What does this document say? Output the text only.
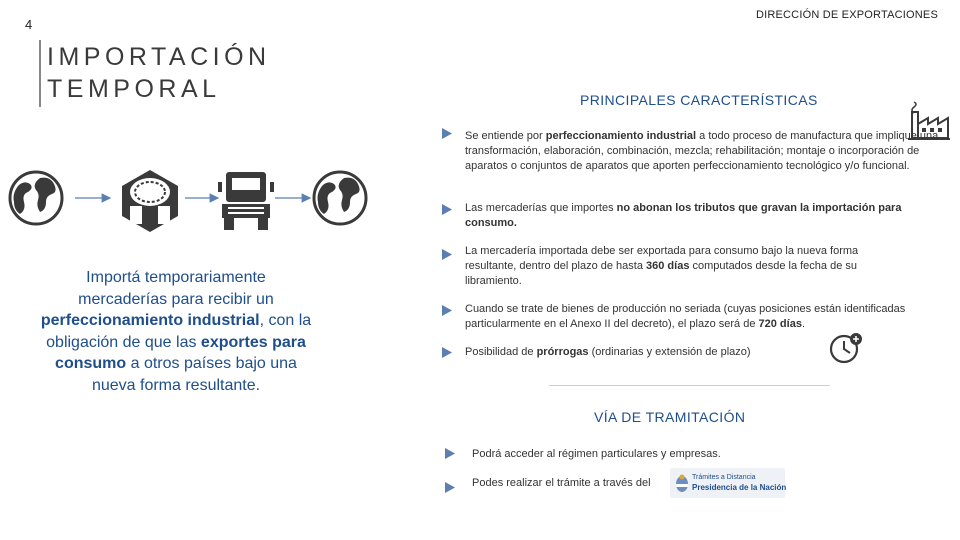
4
DIRECCIÓN DE EXPORTACIONES
IMPORTACIÓN
TEMPORAL
Importá temporariamente mercaderías para recibir un perfeccionamiento industrial, con la obligación de que las exportes para consumo a otros países bajo una nueva forma resultante.
PRINCIPALES CARACTERÍSTICAS
Se entiende por perfeccionamiento industrial a todo proceso de manufactura que implique una transformación, elaboración, combinación, mezcla; rehabilitación; montaje o incorporación de aparatos o conjuntos de aparatos que aporten perfeccionamiento tecnológico y/o funcional.
Las mercaderías que importes no abonan los tributos que gravan la importación para consumo.
La mercadería importada debe ser exportada para consumo bajo la nueva forma resultante, dentro del plazo de hasta 360 días computados desde la fecha de su libramiento.
Cuando se trate de bienes de producción no seriada (cuyas posiciones están identificadas particularmente en el Anexo II del decreto), el plazo será de 720 días.
Posibilidad de prórrogas (ordinarias y extensión de plazo)
VÍA DE TRAMITACIÓN
Podrá acceder al régimen particulares y empresas.
Podes realizar el trámite a través del	Trámites a Distancia
Presidencia de la Nación
